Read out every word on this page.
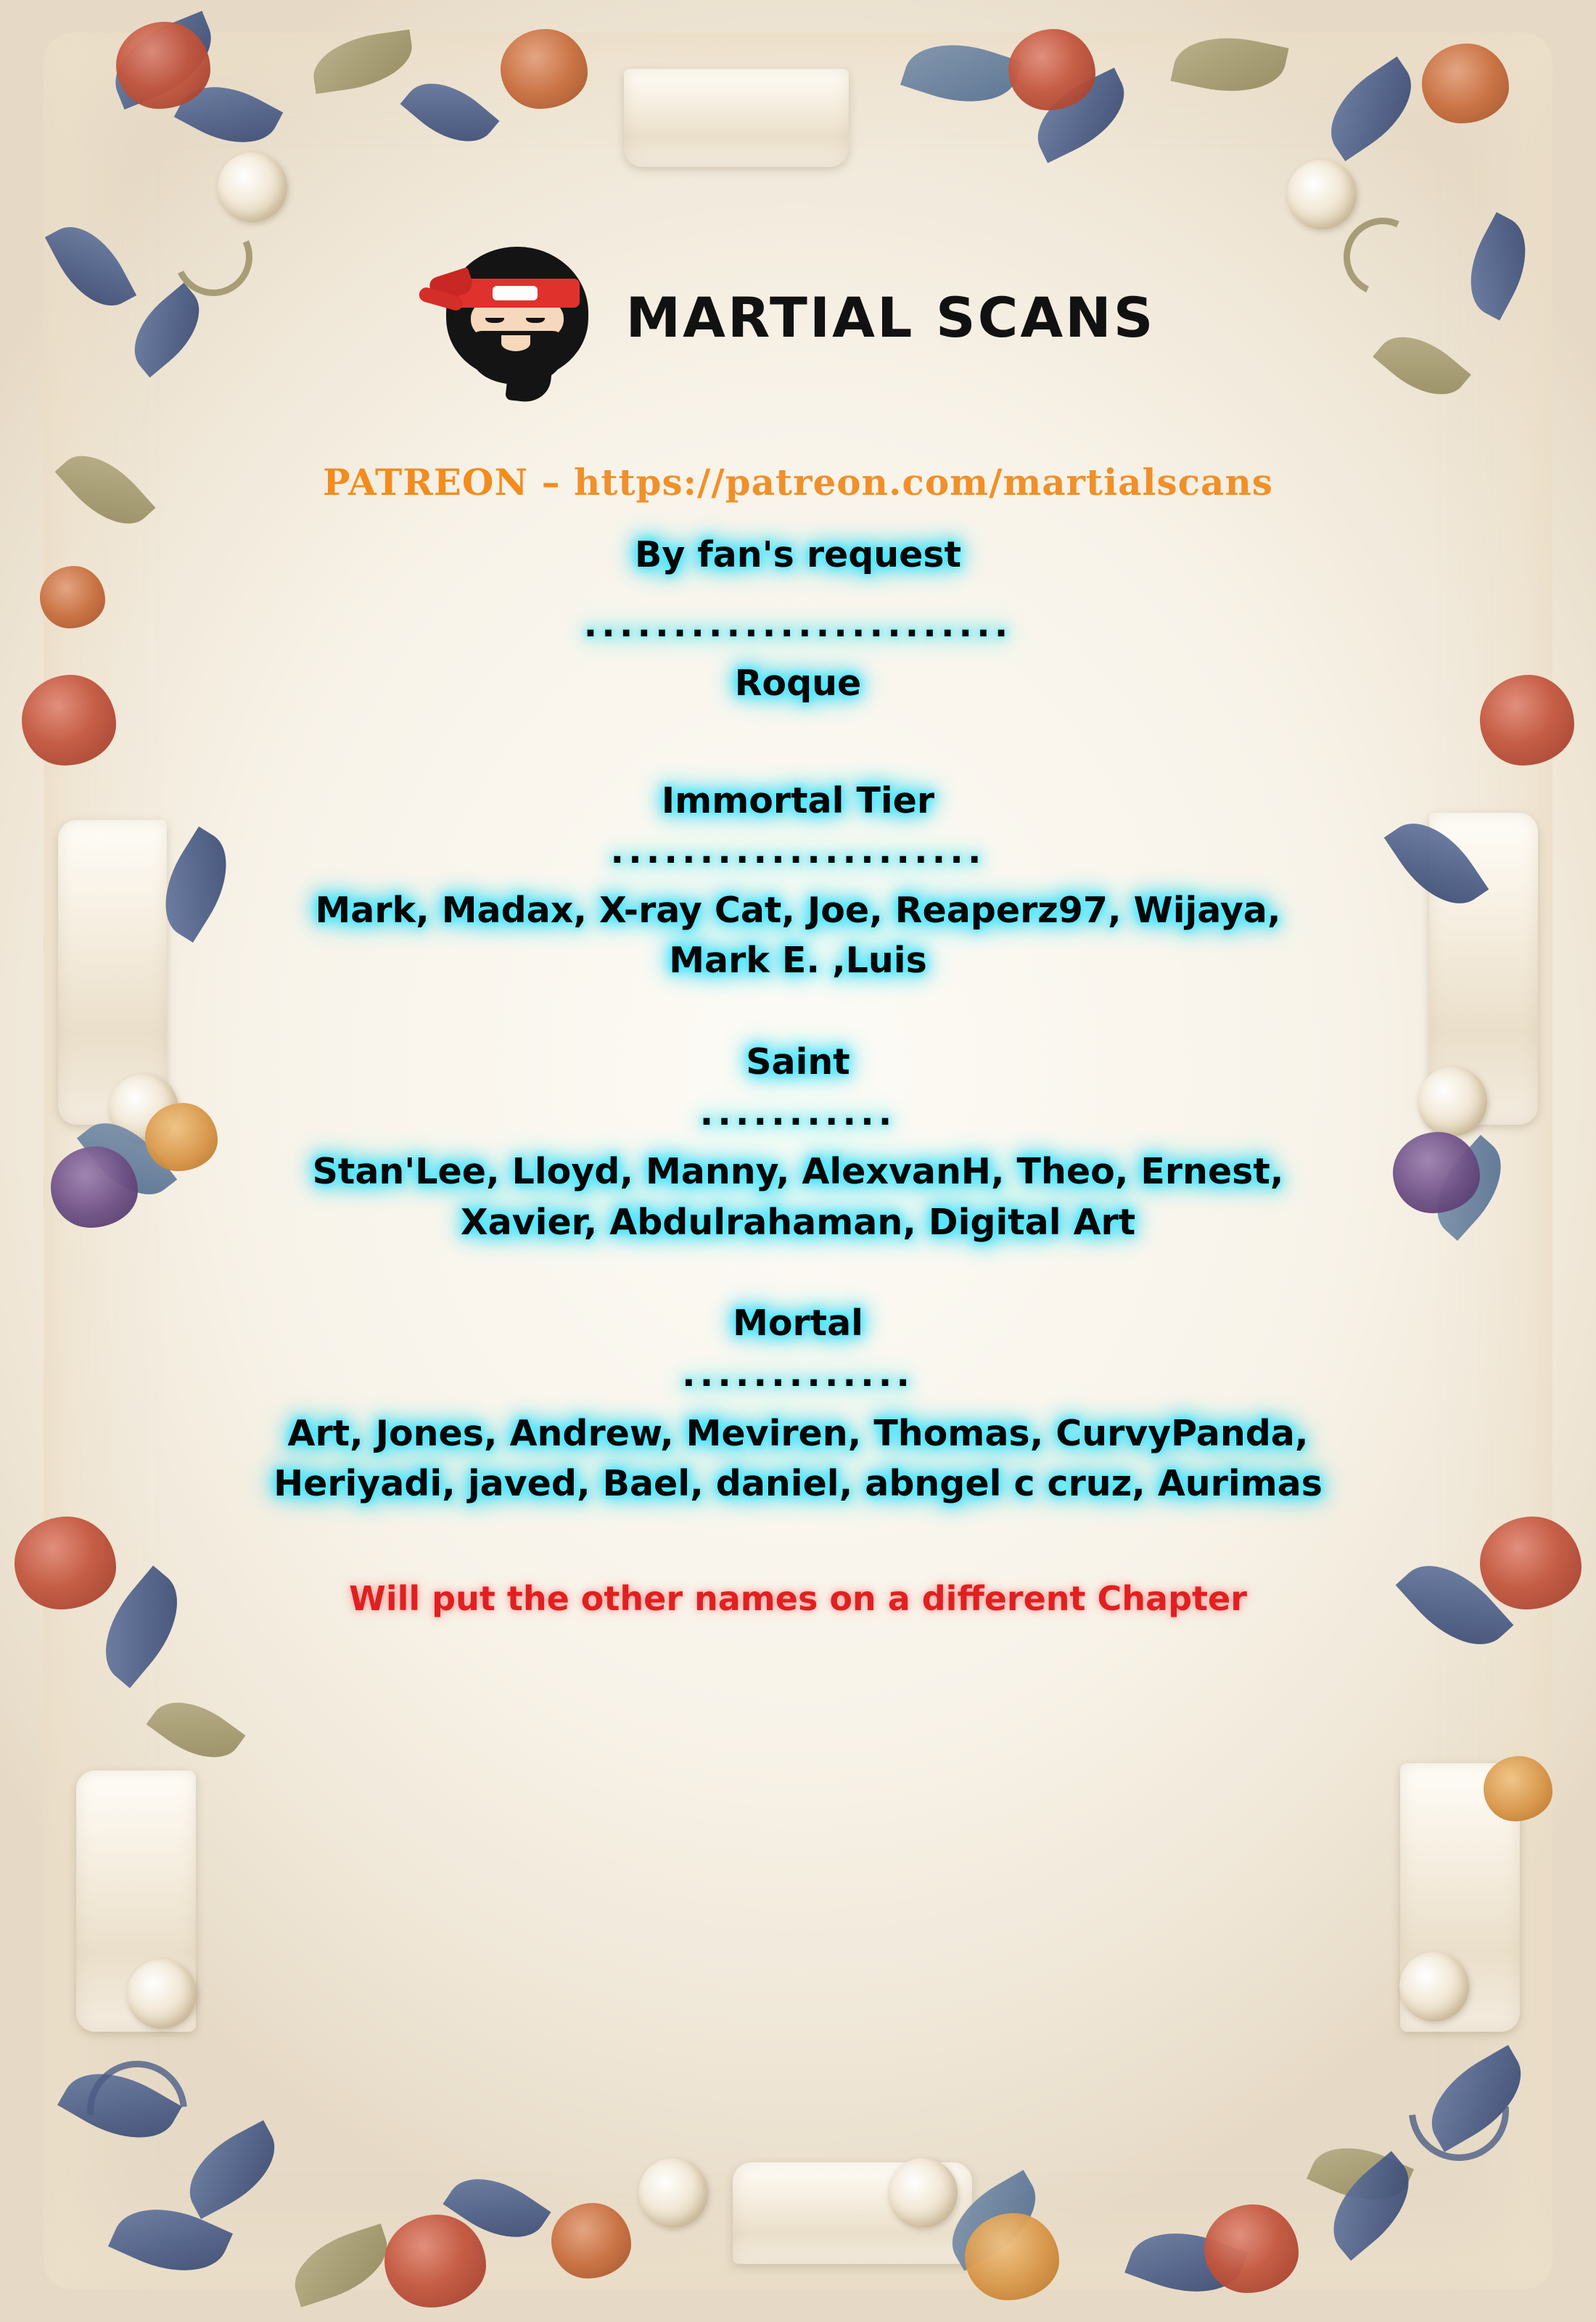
MARTIAL SCANS
PATREON – https://patreon.com/martialscans
By fan's request
........................
Roque
Immortal Tier
.....................
Mark, Madax, X-ray Cat, Joe, Reaperz97, Wijaya,
Mark E. ,Luis
Saint
...........
Stan'Lee, Lloyd, Manny, AlexvanH, Theo, Ernest,
Xavier, Abdulrahaman, Digital Art
Mortal
.............
Art, Jones, Andrew, Meviren, Thomas, CurvyPanda,
Heriyadi, javed, Bael, daniel, abngel c cruz, Aurimas
Will put the other names on a different Chapter
